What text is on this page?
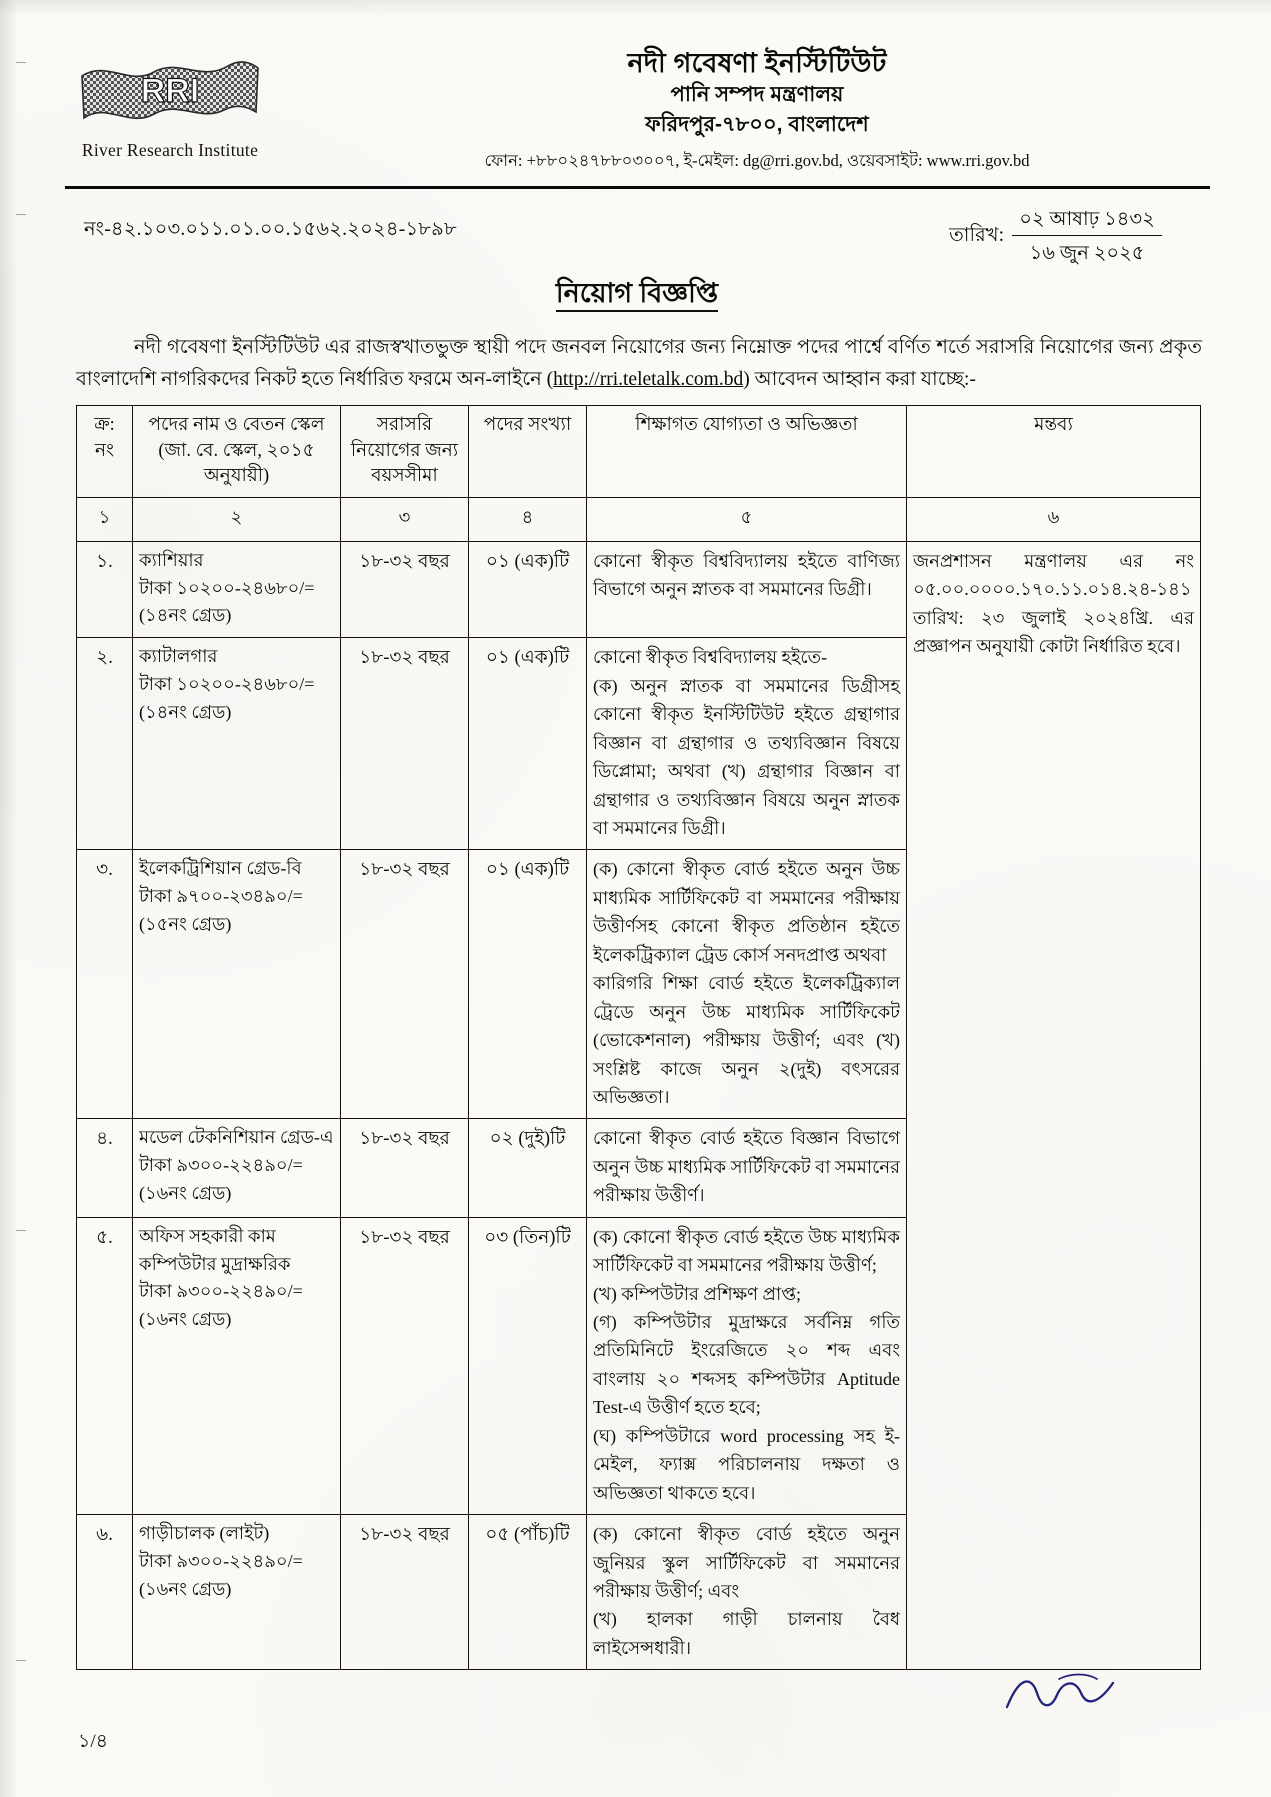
RRI
River Research Institute
নদী গবেষণা ইনস্টিটিউট
পানি সম্পদ মন্ত্রণালয়
ফরিদপুর-৭৮০০, বাংলাদেশ
ফোন: +৮৮০২৪৭৮৮০৩০০৭, ই-মেইল: dg@rri.gov.bd, ওয়েবসাইট: www.rri.gov.bd
নং-৪২.১০৩.০১১.০১.০০.১৫৬২.২০২৪-১৮৯৮	তারিখ:
০২ আষাঢ় ১৪৩২
১৬ জুন ২০২৫
নিয়োগ বিজ্ঞপ্তি

নদী গবেষণা ইনস্টিটিউট এর রাজস্বখাতভুক্ত স্থায়ী পদে জনবল নিয়োগের জন্য নিম্নোক্ত পদের পার্শ্বে বর্ণিত শর্তে সরাসরি নিয়োগের জন্য প্রকৃত বাংলাদেশি নাগরিকদের নিকট হতে নির্ধারিত ফরমে অন-লাইনে (http://rri.teletalk.com.bd) আবেদন আহ্বান করা যাচ্ছে:-

ক্র: নং	পদের নাম ও বেতন স্কেল (জা. বে. স্কেল, ২০১৫ অনুযায়ী)	সরাসরি নিয়োগের জন্য বয়সসীমা	পদের সংখ্যা	শিক্ষাগত যোগ্যতা ও অভিজ্ঞতা	মন্তব্য
১	২	৩	৪	৫	৬
১.	ক্যাশিয়ার
টাকা ১০২০০-২৪৬৮০/=
(১৪নং গ্রেড)	১৮-৩২ বছর	০১ (এক)টি	কোনো স্বীকৃত বিশ্ববিদ্যালয় হইতে বাণিজ্য বিভাগে অনুন স্নাতক বা সমমানের ডিগ্রী।	জনপ্রশাসন মন্ত্রণালয় এর নং ০৫.০০.০০০০.১৭০.১১.০১৪.২৪-১৪১ তারিখ: ২৩ জুলাই ২০২৪খ্রি. এর প্রজ্ঞাপন অনুযায়ী কোটা নির্ধারিত হবে।

২.	ক্যাটালগার
টাকা ১০২০০-২৪৬৮০/=
(১৪নং গ্রেড)
	১৮-৩২ বছর	০১ (এক)টি	কোনো স্বীকৃত বিশ্ববিদ্যালয় হইতে-
(ক) অনুন স্নাতক বা সমমানের ডিগ্রীসহ কোনো স্বীকৃত ইনস্টিটিউট হইতে গ্রন্থাগার বিজ্ঞান বা গ্রন্থাগার ও তথ্যবিজ্ঞান বিষয়ে ডিপ্লোমা; অথবা (খ) গ্রন্থাগার বিজ্ঞান বা গ্রন্থাগার ও তথ্যবিজ্ঞান বিষয়ে অনুন স্নাতক বা সমমানের ডিগ্রী।

৩.	ইলেকট্রিশিয়ান গ্রেড-বি
টাকা ৯৭০০-২৩৪৯০/=
(১৫নং গ্রেড)
	১৮-৩২ বছর	০১ (এক)টি	(ক) কোনো স্বীকৃত বোর্ড হইতে অনুন উচ্চ মাধ্যমিক সার্টিফিকেট বা সমমানের পরীক্ষায় উত্তীর্ণসহ কোনো স্বীকৃত প্রতিষ্ঠান হইতে ইলেকট্রিক্যাল ট্রেড কোর্স সনদপ্রাপ্ত অথবা
কারিগরি শিক্ষা বোর্ড হইতে ইলেকট্রিক্যাল ট্রেডে অনুন উচ্চ মাধ্যমিক সার্টিফিকেট (ভোকেশনাল) পরীক্ষায় উত্তীর্ণ; এবং (খ) সংশ্লিষ্ট কাজে অনুন ২(দুই) বৎসরের অভিজ্ঞতা।

৪.	মডেল টেকনিশিয়ান গ্রেড-এ
টাকা ৯৩০০-২২৪৯০/=
(১৬নং গ্রেড)	১৮-৩২ বছর	০২ (দুই)টি	কোনো স্বীকৃত বোর্ড হইতে বিজ্ঞান বিভাগে অনুন উচ্চ মাধ্যমিক সার্টিফিকেট বা সমমানের পরীক্ষায় উত্তীর্ণ।	

৫.	অফিস সহকারী কাম কম্পিউটার মুদ্রাক্ষরিক
টাকা ৯৩০০-২২৪৯০/=
(১৬নং গ্রেড)
	১৮-৩২ বছর	০৩ (তিন)টি	(ক) কোনো স্বীকৃত বোর্ড হইতে উচ্চ মাধ্যমিক সার্টিফিকেট বা সমমানের পরীক্ষায় উত্তীর্ণ;
(খ) কম্পিউটার প্রশিক্ষণ প্রাপ্ত;
(গ) কম্পিউটার মুদ্রাক্ষরে সর্বনিম্ন গতি প্রতিমিনিটে ইংরেজিতে ২০ শব্দ এবং বাংলায় ২০ শব্দসহ কম্পিউটার Aptitude Test-এ উত্তীর্ণ হতে হবে;
(ঘ) কম্পিউটারে word processing সহ ই-মেইল, ফ্যাক্স পরিচালনায় দক্ষতা ও অভিজ্ঞতা থাকতে হবে।

৬.	গাড়ীচালক (লাইট)
টাকা ৯৩০০-২২৪৯০/=
(১৬নং গ্রেড)	১৮-৩২ বছর	০৫ (পাঁচ)টি	(ক) কোনো স্বীকৃত বোর্ড হইতে অনুন জুনিয়র স্কুল সার্টিফিকেট বা সমমানের পরীক্ষায় উত্তীর্ণ; এবং
(খ) হালকা গাড়ী চালনায় বৈধ লাইসেন্সধারী।	
১/৪
